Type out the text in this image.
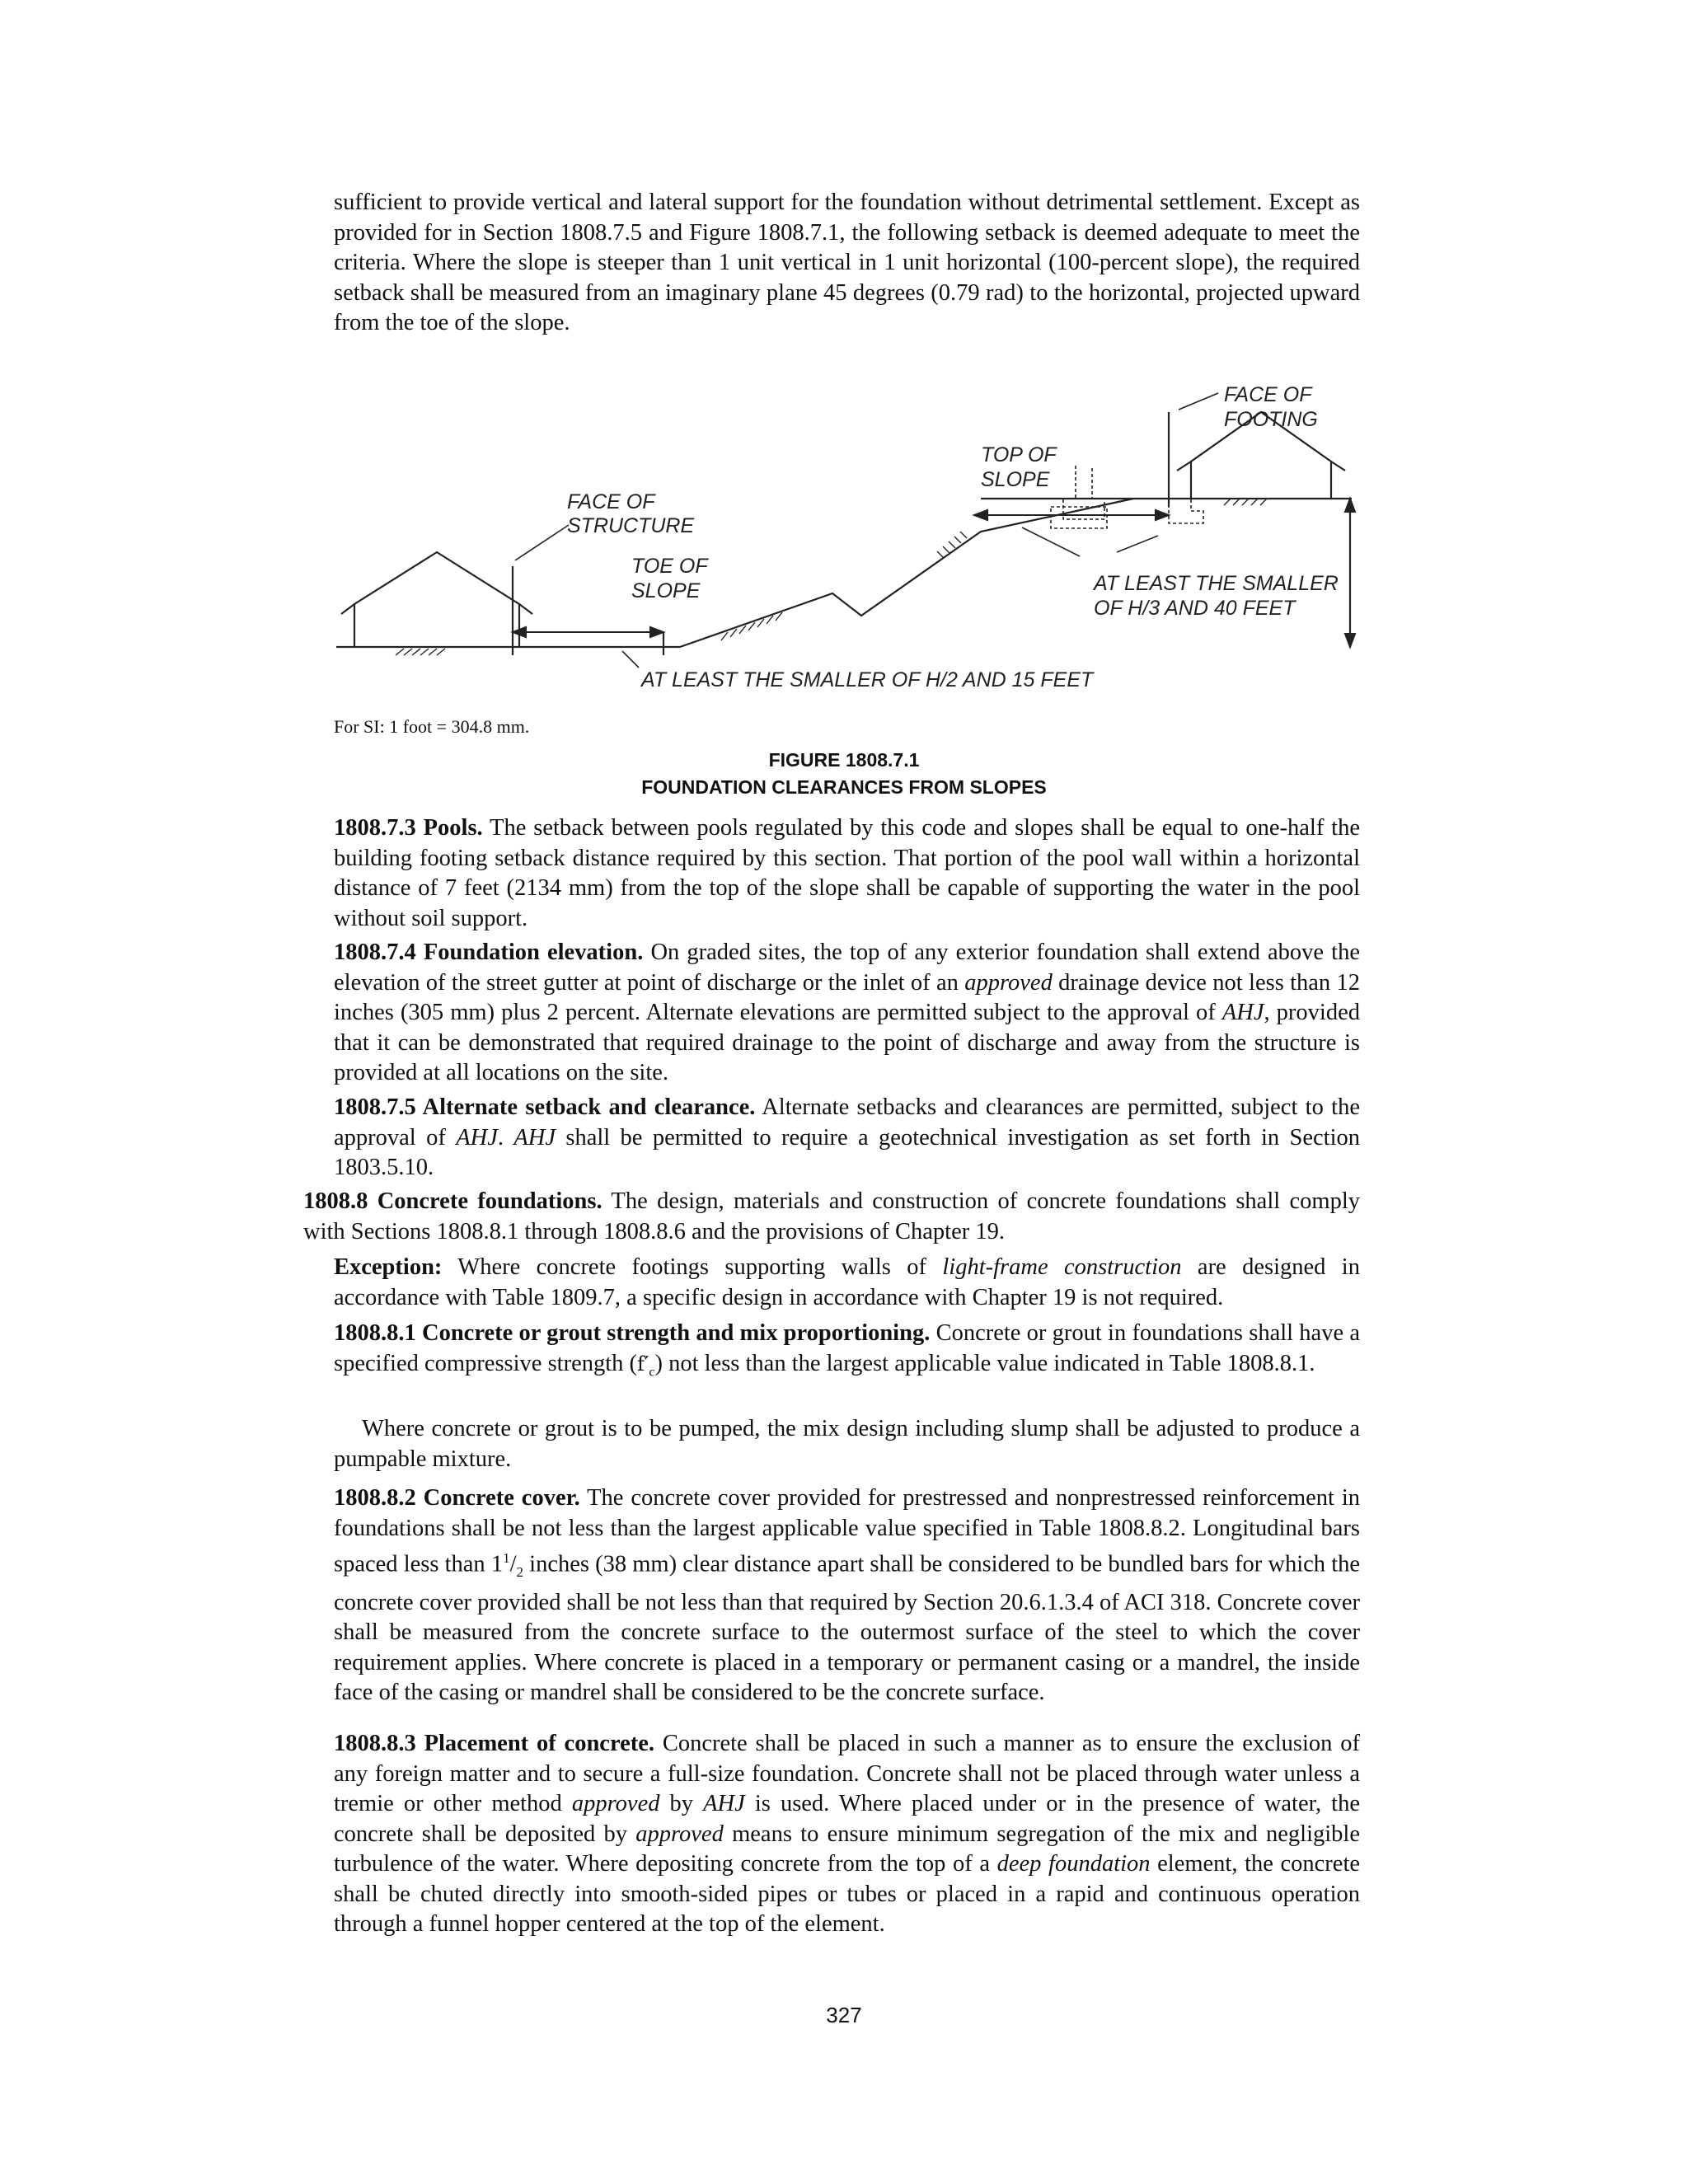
sufficient to provide vertical and lateral support for the foundation without detrimental settlement. Except as provided for in Section 1808.7.5 and Figure 1808.7.1, the following setback is deemed adequate to meet the criteria. Where the slope is steeper than 1 unit vertical in 1 unit horizontal (100-percent slope), the required setback shall be measured from an imaginary plane 45 degrees (0.79 rad) to the horizontal, projected upward from the toe of the slope.

FACE OF
FOOTING
TOP OF
SLOPE
FACE OF
STRUCTURE
TOE OF
SLOPE	AT LEAST THE SMALLER
OF H/3 AND 40 FEET
AT LEAST THE SMALLER OF H/2 AND 15 FEET
For SI: 1 foot = 304.8 mm.
FIGURE 1808.7.1
FOUNDATION CLEARANCES FROM SLOPES
1808.7.3 Pools. The setback between pools regulated by this code and slopes shall be equal to one-half the building footing setback distance required by this section. That portion of the pool wall within a horizontal distance of 7 feet (2134 mm) from the top of the slope shall be capable of supporting the water in the pool without soil support.
1808.7.4 Foundation elevation. On graded sites, the top of any exterior foundation shall extend above the elevation of the street gutter at point of discharge or the inlet of an approved drainage device not less than 12 inches (305 mm) plus 2 percent. Alternate elevations are permitted subject to the approval of AHJ, provided that it can be demonstrated that required drainage to the point of discharge and away from the structure is provided at all locations on the site.
1808.7.5 Alternate setback and clearance. Alternate setbacks and clearances are permitted, subject to the approval of AHJ. AHJ shall be permitted to require a geotechnical investigation as set forth in Section 1803.5.10.
1808.8 Concrete foundations. The design, materials and construction of concrete foundations shall comply with Sections 1808.8.1 through 1808.8.6 and the provisions of Chapter 19.
Exception: Where concrete footings supporting walls of light-frame construction are designed in accordance with Table 1809.7, a specific design in accordance with Chapter 19 is not required.
1808.8.1 Concrete or grout strength and mix proportioning. Concrete or grout in foundations shall have a specified compressive strength $(f'_c)$ not less than the largest applicable value indicated in Table 1808.8.1.
Where concrete or grout is to be pumped, the mix design including slump shall be adjusted to produce a pumpable mixture.
1808.8.2 Concrete cover. The concrete cover provided for prestressed and nonprestressed reinforcement in foundations shall be not less than the largest applicable value specified in Table 1808.8.2. Longitudinal bars spaced less than $1^1/_2$ inches (38 mm) clear distance apart shall be considered to be bundled bars for which the concrete cover provided shall be not less than that required by Section 20.6.1.3.4 of ACI 318. Concrete cover shall be measured from the concrete surface to the outermost surface of the steel to which the cover requirement applies. Where concrete is placed in a temporary or permanent casing or a mandrel, the inside face of the casing or mandrel shall be considered to be the concrete surface.
1808.8.3 Placement of concrete. Concrete shall be placed in such a manner as to ensure the exclusion of any foreign matter and to secure a full-size foundation. Concrete shall not be placed through water unless a tremie or other method approved by AHJ is used. Where placed under or in the presence of water, the concrete shall be deposited by approved means to ensure minimum segregation of the mix and negligible turbulence of the water. Where depositing concrete from the top of a deep foundation element, the concrete shall be chuted directly into smooth-sided pipes or tubes or placed in a rapid and continuous operation through a funnel hopper centered at the top of the element.
327
